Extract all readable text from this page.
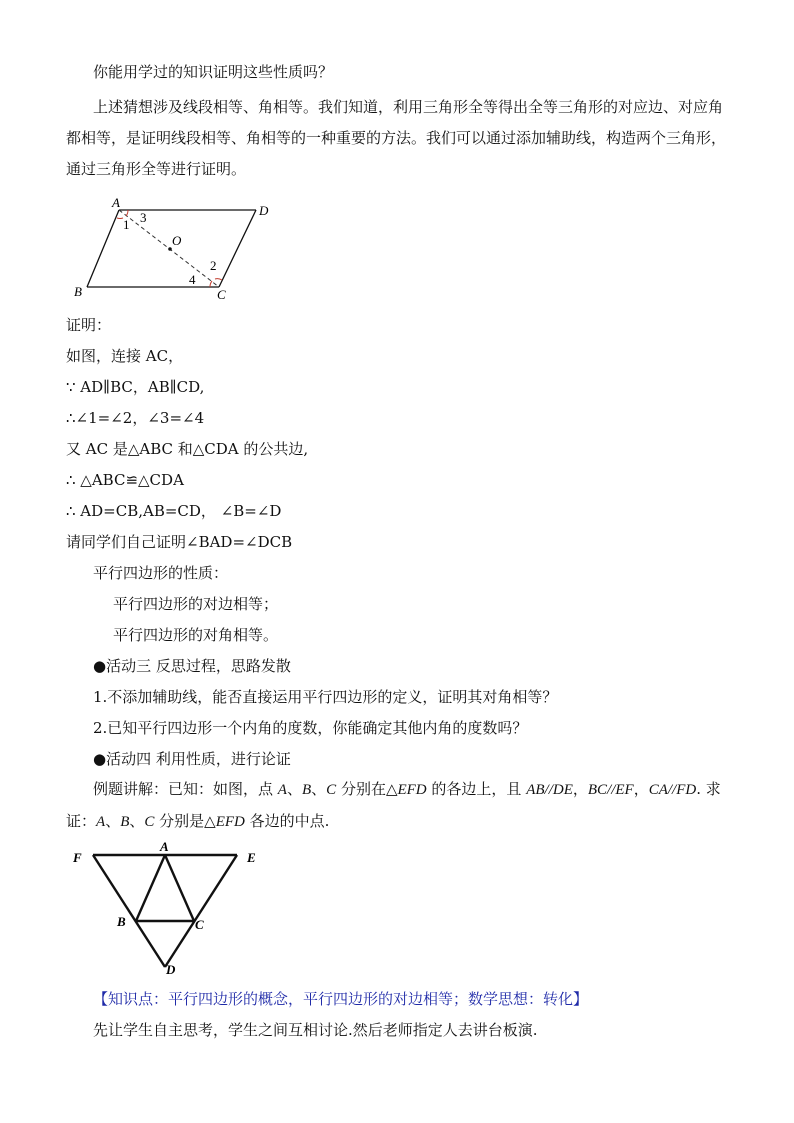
你能用学过的知识证明这些性质吗？
上述猜想涉及线段相等、角相等。我们知道，利用三角形全等得出全等三角形的对应边、对应角都相等，是证明线段相等、角相等的一种重要的方法。我们可以通过添加辅助线，构造两个三角形，通过三角形全等进行证明。
A
D
B	C
O
1 3
2
4
证明：
如图，连接 AC，
∵ AD∥BC，AB∥CD,
∴∠1=∠2，∠3=∠4
又 AC 是△ABC 和△CDA 的公共边,
∴ △ABC≌△CDA
∴ AD=CB,AB=CD， ∠B=∠D
请同学们自己证明∠BAD=∠DCB
平行四边形的性质：
平行四边形的对边相等；
平行四边形的对角相等。
●活动三 反思过程，思路发散
1.不添加辅助线，能否直接运用平行四边形的定义，证明其对角相等？
2.已知平行四边形一个内角的度数，你能确定其他内角的度数吗？
●活动四 利用性质，进行论证
例题讲解：已知：如图，点 A、B、C 分别在△EFD 的各边上，且 AB//DE，BC//EF，CA//FD. 求证：A、B、C 分别是△EFD 各边的中点.
F
A
E
B	C
D
【知识点：平行四边形的概念，平行四边形的对边相等；数学思想：转化】
先让学生自主思考，学生之间互相讨论.然后老师指定人去讲台板演.
